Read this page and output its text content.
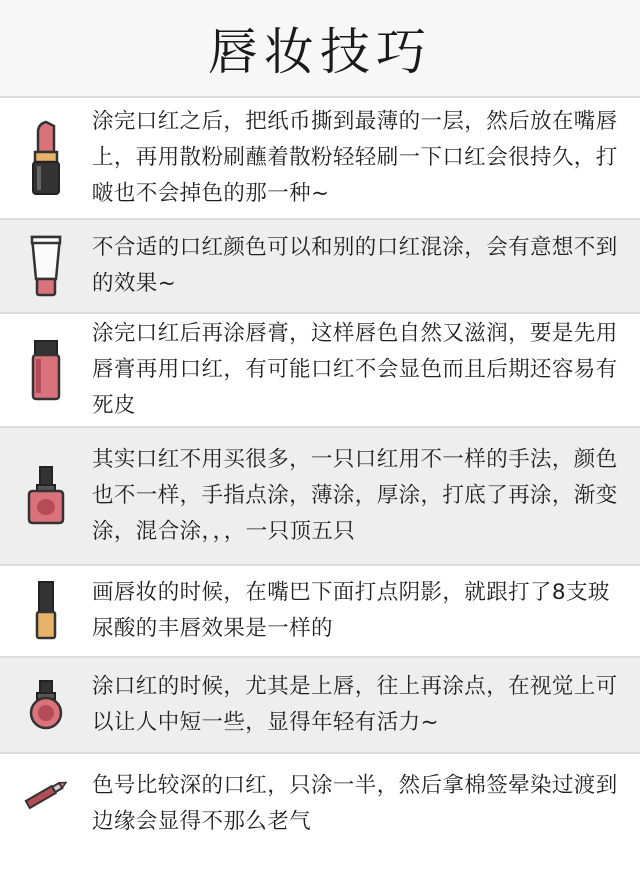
唇妆技巧

涂完口红之后，把纸币撕到最薄的一层，然后放在嘴唇上，再用散粉刷蘸着散粉轻轻刷一下口红会很持久，打啵也不会掉色的那一种~

不合适的口红颜色可以和别的口红混涂，会有意想不到的效果~

涂完口红后再涂唇膏，这样唇色自然又滋润，要是先用唇膏再用口红，有可能口红不会显色而且后期还容易有死皮

其实口红不用买很多，一只口红用不一样的手法，颜色也不一样，手指点涂，薄涂，厚涂，打底了再涂，渐变涂，混合涂，，，一只顶五只

画唇妆的时候，在嘴巴下面打点阴影，就跟打了8支玻尿酸的丰唇效果是一样的

涂口红的时候，尤其是上唇，往上再涂点，在视觉上可以让人中短一些，显得年轻有活力~

色号比较深的口红，只涂一半，然后拿棉签晕染过渡到边缘会显得不那么老气
